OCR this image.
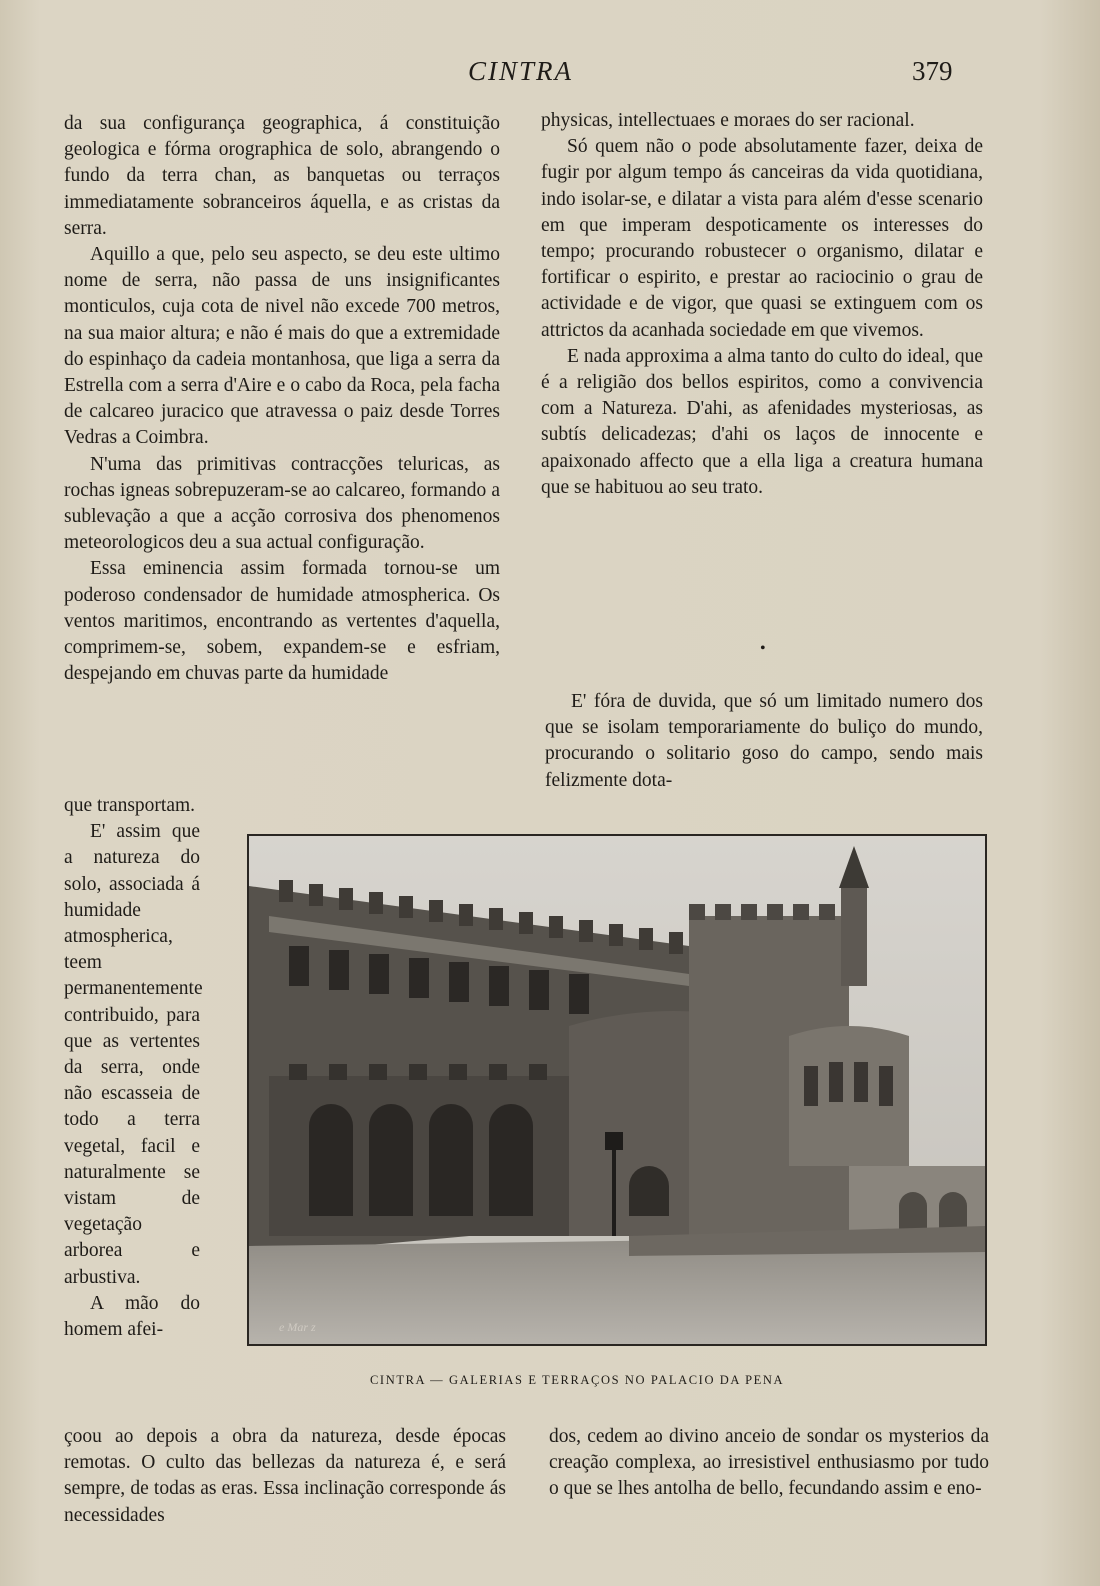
CINTRA	379

da sua configurança geographica, á constituição geologica e fórma orographica de solo, abrangendo o fundo da terra chan, as banquetas ou terraços immediatamente sobranceiros áquella, e as cristas da serra.

Aquillo a que, pelo seu aspecto, se deu este ultimo nome de serra, não passa de uns insignificantes monticulos, cuja cota de nivel não excede 700 metros, na sua maior altura; e não é mais do que a extremidade do espinhaço da cadeia montanhosa, que liga a serra da Estrella com a serra d'Aire e o cabo da Roca, pela facha de calcareo juracico que atravessa o paiz desde Torres Vedras a Coimbra.

N'uma das primitivas contracções teluricas, as rochas igneas sobrepuzeram-se ao calcareo, formando a sublevação a que a acção corrosiva dos phenomenos meteorologicos deu a sua actual configuração.

Essa eminencia assim formada tornou-se um poderoso condensador de humidade atmospherica. Os ventos maritimos, encontrando as vertentes d'aquella, comprimem-se, sobem, expandem-se e esfriam, despejando em chuvas parte da humidade

que transportam.

E' assim que a natureza do solo, associada á humidade atmospherica, teem permanentemente contribuido, para que as vertentes da serra, onde não escasseia de todo a terra vegetal, facil e naturalmente se vistam de vegetação arborea e arbustiva.

A mão do homem afei-

çoou ao depois a obra da natureza, desde épocas remotas. O culto das bellezas da natureza é, e será sempre, de todas as eras. Essa inclinação corresponde ás necessidades

physicas, intellectuaes e moraes do ser racional.

Só quem não o pode absolutamente fazer, deixa de fugir por algum tempo ás canceiras da vida quotidiana, indo isolar-se, e dilatar a vista para além d'esse scenario em que imperam despoticamente os interesses do tempo; procurando robustecer o organismo, dilatar e fortificar o espirito, e prestar ao raciocinio o grau de actividade e de vigor, que quasi se extinguem com os attrictos da acanhada sociedade em que vivemos.

E nada approxima a alma tanto do culto do ideal, que é a religião dos bellos espiritos, como a convivencia com a Natureza. D'ahi, as afenidades mysteriosas, as subtís delicadezas; d'ahi os laços de innocente e apaixonado affecto que a ella liga a creatura humana que se habituou ao seu trato.

•

E' fóra de duvida, que só um limitado numero dos que se isolam temporariamente do buliço do mundo, procurando o solitario goso do campo, sendo mais felizmente dota-

e Mar z
CINTRA — GALERIAS E TERRAÇOS NO PALACIO DA PENA

dos, cedem ao divino anceio de sondar os mysterios da creação complexa, ao irresistivel enthusiasmo por tudo o que se lhes antolha de bello, fecundando assim e eno-
